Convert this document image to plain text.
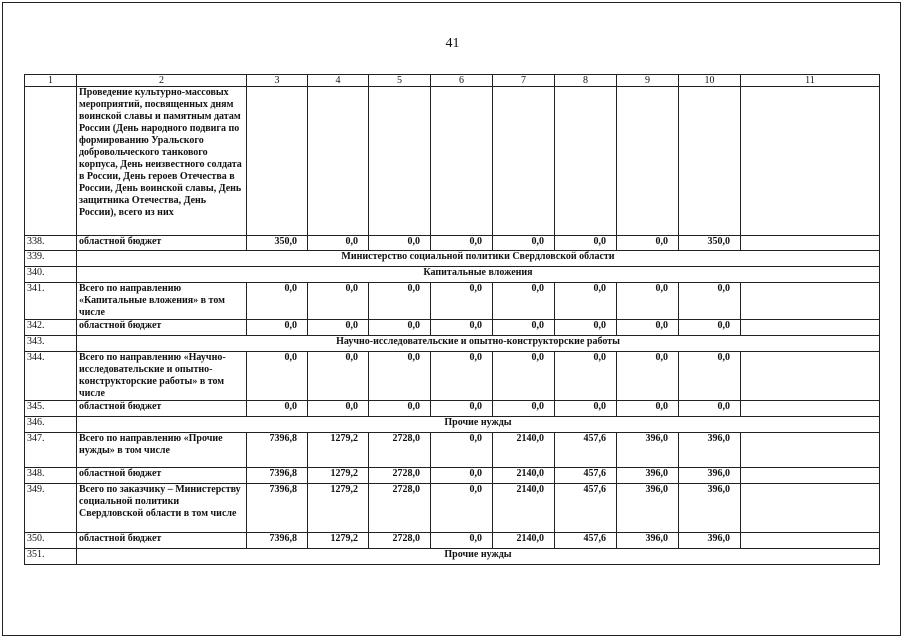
41
1	2	3	4	5	6	7	8	9	10	11
	Проведение культурно-массовых мероприятий, посвященных дням воинской славы и памятным датам России (День народного подвига по формированию Уральского добровольческого танкового корпуса, День неизвестного солдата в России, День героев Отечества в России, День воинской славы, День защитника Отечества, День России), всего из них									
338.	областной бюджет	350,0	0,0	0,0	0,0	0,0	0,0	0,0	350,0	
339.	Министерство социальной политики Свердловской области									
340.	Капитальные вложения									
341.	Всего по направлению «Капитальные вложения» в том числе	0,0	0,0	0,0	0,0	0,0	0,0	0,0	0,0	
342.	областной бюджет	0,0	0,0	0,0	0,0	0,0	0,0	0,0	0,0	
343.	Научно-исследовательские и опытно-конструкторские работы									
344.	Всего по направлению «Научно-исследовательские и опытно-конструкторские работы» в том числе	0,0	0,0	0,0	0,0	0,0	0,0	0,0	0,0	
345.	областной бюджет	0,0	0,0	0,0	0,0	0,0	0,0	0,0	0,0	
346.	Прочие нужды									
347.	Всего по направлению «Прочие нужды» в том числе	7396,8	1279,2	2728,0	0,0	2140,0	457,6	396,0	396,0	
348.	областной бюджет	7396,8	1279,2	2728,0	0,0	2140,0	457,6	396,0	396,0	
349.	Всего по заказчику – Министерству социальной политики Свердловской области в том числе	7396,8	1279,2	2728,0	0,0	2140,0	457,6	396,0	396,0	
350.	областной бюджет	7396,8	1279,2	2728,0	0,0	2140,0	457,6	396,0	396,0	
351.	Прочие нужды									
